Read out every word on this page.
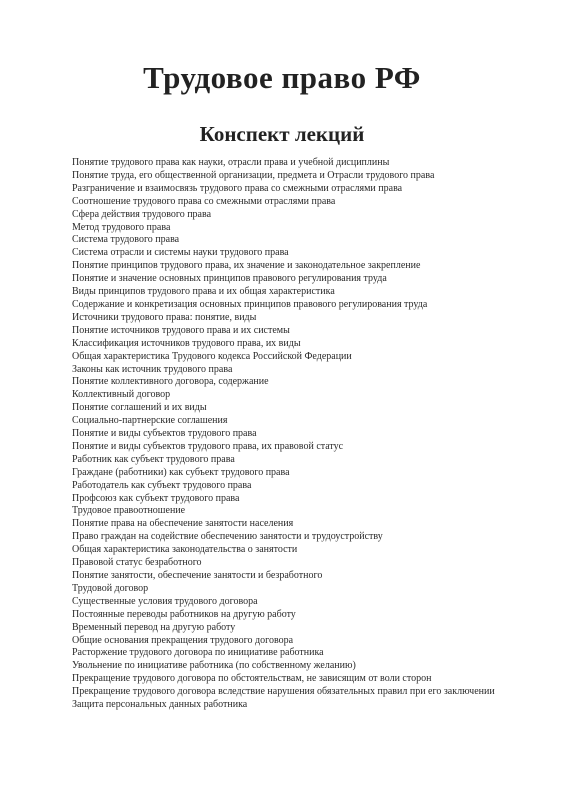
Трудовое право РФ
Конспект лекций
Понятие трудового права как науки, отрасли права и учебной дисциплины
Понятие труда, его общественной организации, предмета и Отрасли трудового права
Разграничение и взаимосвязь трудового права со смежными отраслями права
Соотношение трудового права со смежными отраслями права
Сфера действия трудового права
Метод трудового права
Система трудового права
Система отрасли и системы науки трудового права
Понятие принципов трудового права, их значение и законодательное закрепление
Понятие и значение основных принципов правового регулирования труда
Виды принципов трудового права и их общая характеристика
Содержание и конкретизация основных принципов правового регулирования труда
Источники трудового права: понятие, виды
Понятие источников трудового права и их системы
Классификация источников трудового права, их виды
Общая характеристика Трудового кодекса Российской Федерации
Законы как источник трудового права
Понятие коллективного договора, содержание
Коллективный договор
Понятие соглашений и их виды
Социально-партнерские соглашения
Понятие и виды субъектов трудового права
Понятие и виды субъектов трудового права, их правовой статус
Работник как субъект трудового права
Граждане (работники) как субъект трудового права
Работодатель как субъект трудового права
Профсоюз как субъект трудового права
Трудовое правоотношение
Понятие права на обеспечение занятости населения
Право граждан на содействие обеспечению занятости и трудоустройству
Общая характеристика законодательства о занятости
Правовой статус безработного
Понятие занятости, обеспечение занятости и безработного
Трудовой договор
Существенные условия трудового договора
Постоянные переводы работников на другую работу
Временный перевод на другую работу
Общие основания прекращения трудового договора
Расторжение трудового договора по инициативе работника
Увольнение по инициативе работника (по собственному желанию)
Прекращение трудового договора по обстоятельствам, не зависящим от воли сторон
Прекращение трудового договора вследствие нарушения обязательных правил при его заключении
Защита персональных данных работника
